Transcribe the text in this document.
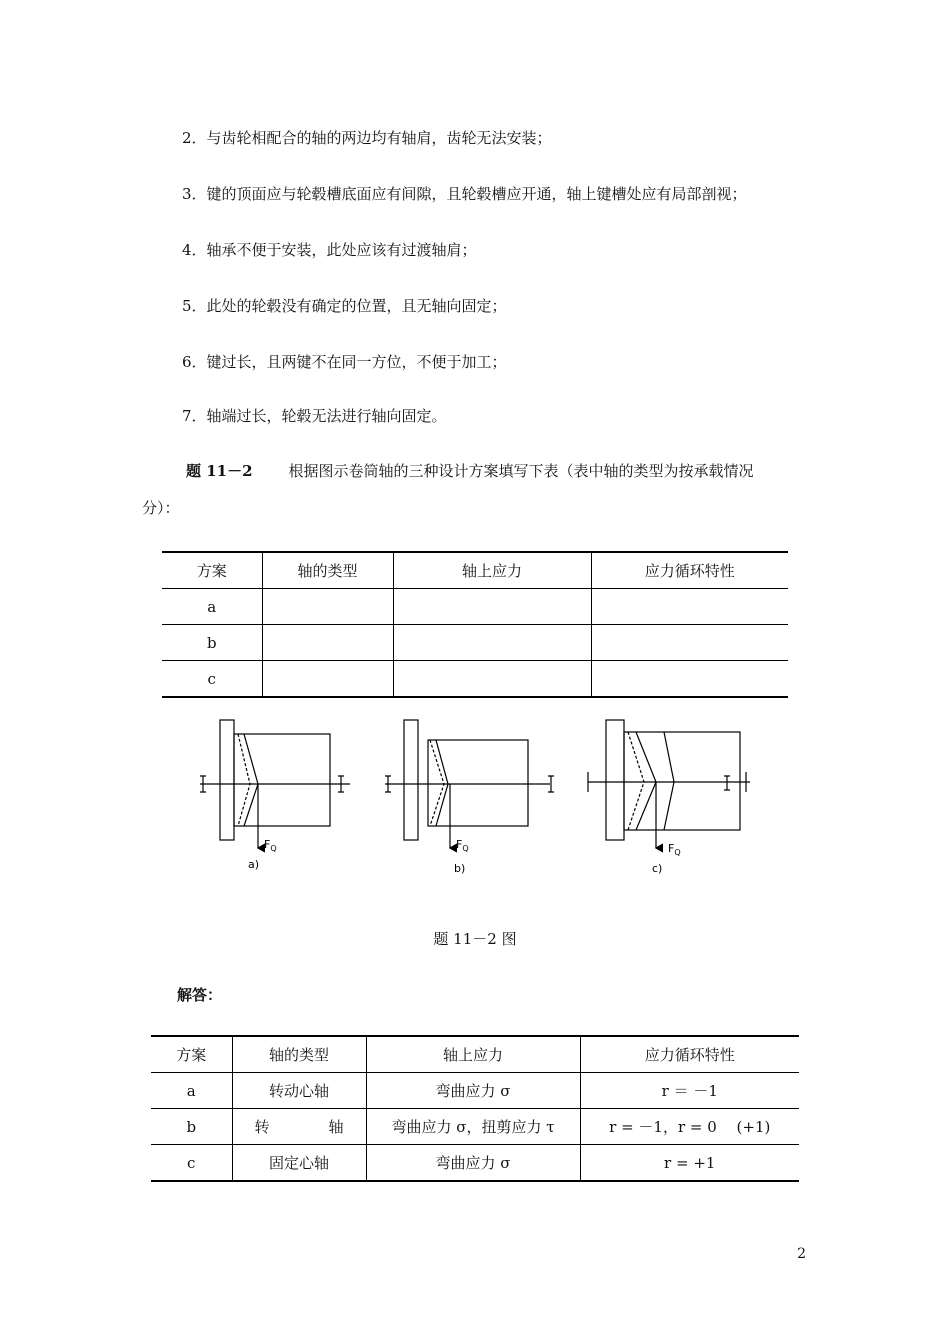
2．与齿轮相配合的轴的两边均有轴肩，齿轮无法安装；
3．键的顶面应与轮毂槽底面应有间隙，且轮毂槽应开通，轴上键槽处应有局部剖视；
4．轴承不便于安装，此处应该有过渡轴肩；
5．此处的轮毂没有确定的位置，且无轴向固定；
6．键过长，且两键不在同一方位，不便于加工；
7．轴端过长，轮毂无法进行轴向固定。
题 11－2 根据图示卷筒轴的三种设计方案填写下表（表中轴的类型为按承载情况
分）：
方案	轴的类型	轴上应力	应力循环特性
a			
b			
c			
$F_Q$
a)
$F_Q$
b)
$F_Q$
c)
题 11－2 图
解答：
方案	轴的类型	轴上应力	应力循环特性
a	转动心轴	弯曲应力 σ	r ＝ －1
b	转 轴	弯曲应力 σ，扭剪应力 τ	r = －1，r = 0　 (+1)
c	固定心轴	弯曲应力 σ	r = +1
2
